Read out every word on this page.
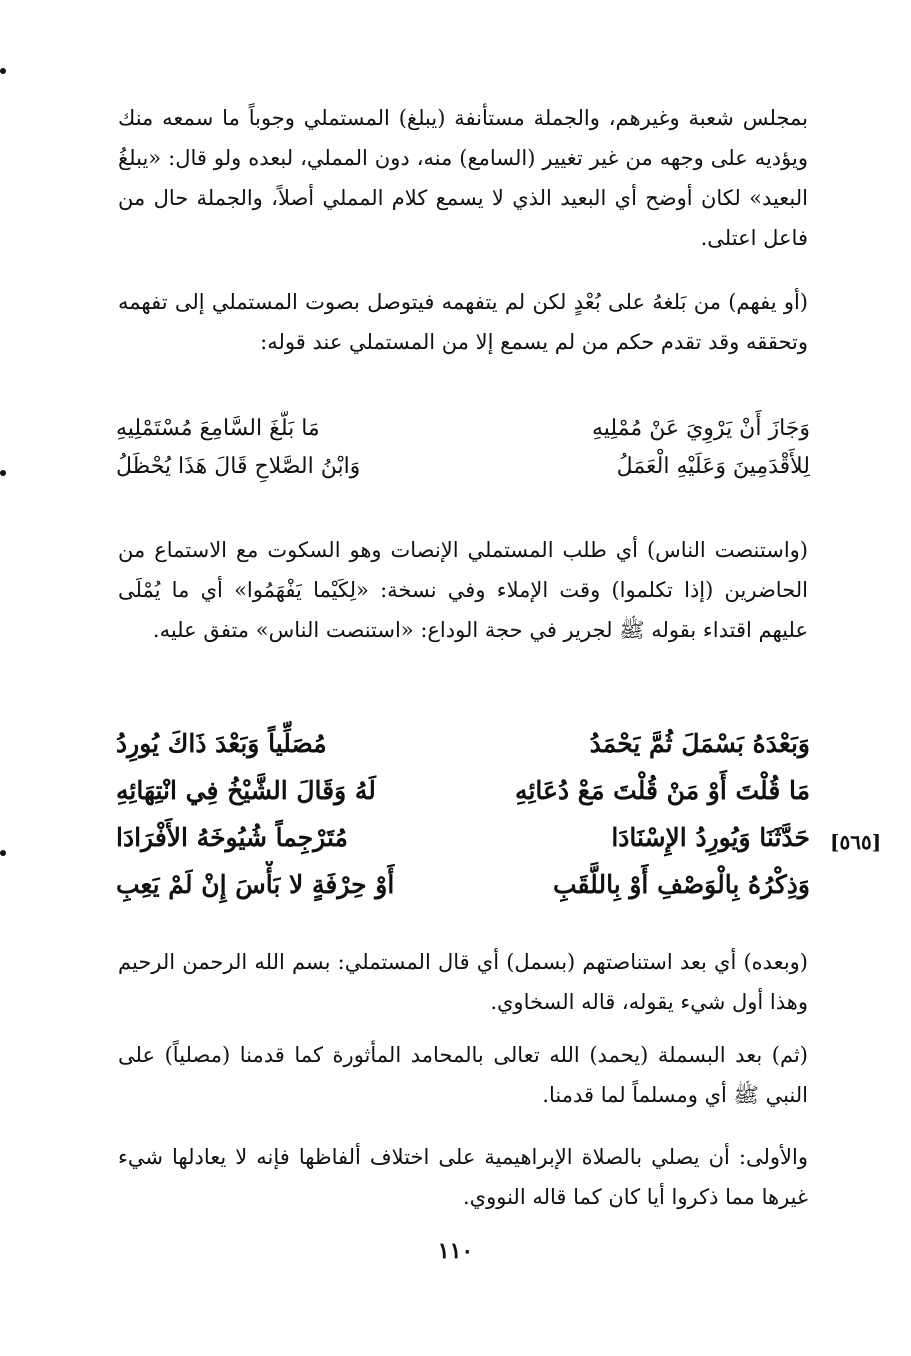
بمجلس شعبة وغيرهم، والجملة مستأنفة (يبلغ) المستملي وجوباً ما سمعه منك ويؤديه على وجهه من غير تغيير (السامع) منه، دون المملي، لبعده ولو قال: «يبلغُ البعيد» لكان أوضح أي البعيد الذي لا يسمع كلام المملي أصلاً، والجملة حال من فاعل اعتلى.

(أو يفهم) من بَلغهُ على بُعْدٍ لكن لم يتفهمه فيتوصل بصوت المستملي إلى تفهمه وتحققه وقد تقدم حكم من لم يسمع إلا من المستملي عند قوله:

وَجَازَ أَنْ يَرْوِيَ عَنْ مُمْلِيهِ
مَا بَلَّغَ السَّامِعَ مُسْتَمْلِيهِ
لِلأَقْدَمِينَ وَعَلَيْهِ الْعَمَلُ
وَابْنُ الصَّلاحِ قَالَ هَذَا يُحْظَلُ

(واستنصت الناس) أي طلب المستملي الإنصات وهو السكوت مع الاستماع من الحاضرين (إذا تكلموا) وقت الإملاء وفي نسخة: «لِكَيْما يَفْهَمُوا» أي ما يُمْلَى عليهم اقتداء بقوله ﷺ لجرير في حجة الوداع: «استنصت الناس» متفق عليه.

وَبَعْدَهُ بَسْمَلَ ثُمَّ يَحْمَدُ
مُصَلِّياً وَبَعْدَ ذَاكَ يُورِدُ
مَا قُلْتَ أَوْ مَنْ قُلْتَ مَعْ دُعَائِهِ
لَهُ وَقَالَ الشَّيْخُ فِي انْتِهَائِهِ
حَدَّثَنَا وَيُورِدُ الإِسْنَادَا
مُتَرْجِماً شُيُوخَهُ الأَفْرَادَا
وَذِكْرُهُ بِالْوَصْفِ أَوْ بِاللَّقَبِ
أَوْ حِرْفَةٍ لا بَأْسَ إِنْ لَمْ يَعِبِ
[٥٦٥]

(وبعده) أي بعد استناصتهم (بسمل) أي قال المستملي: بسم الله الرحمن الرحيم وهذا أول شيء يقوله، قاله السخاوي.

(ثم) بعد البسملة (يحمد) الله تعالى بالمحامد المأثورة كما قدمنا (مصلياً) على النبي ﷺ أي ومسلماً لما قدمنا.

والأولى: أن يصلي بالصلاة الإبراهيمية على اختلاف ألفاظها فإنه لا يعادلها شيء غيرها مما ذكروا أيا كان كما قاله النووي.

١١٠
